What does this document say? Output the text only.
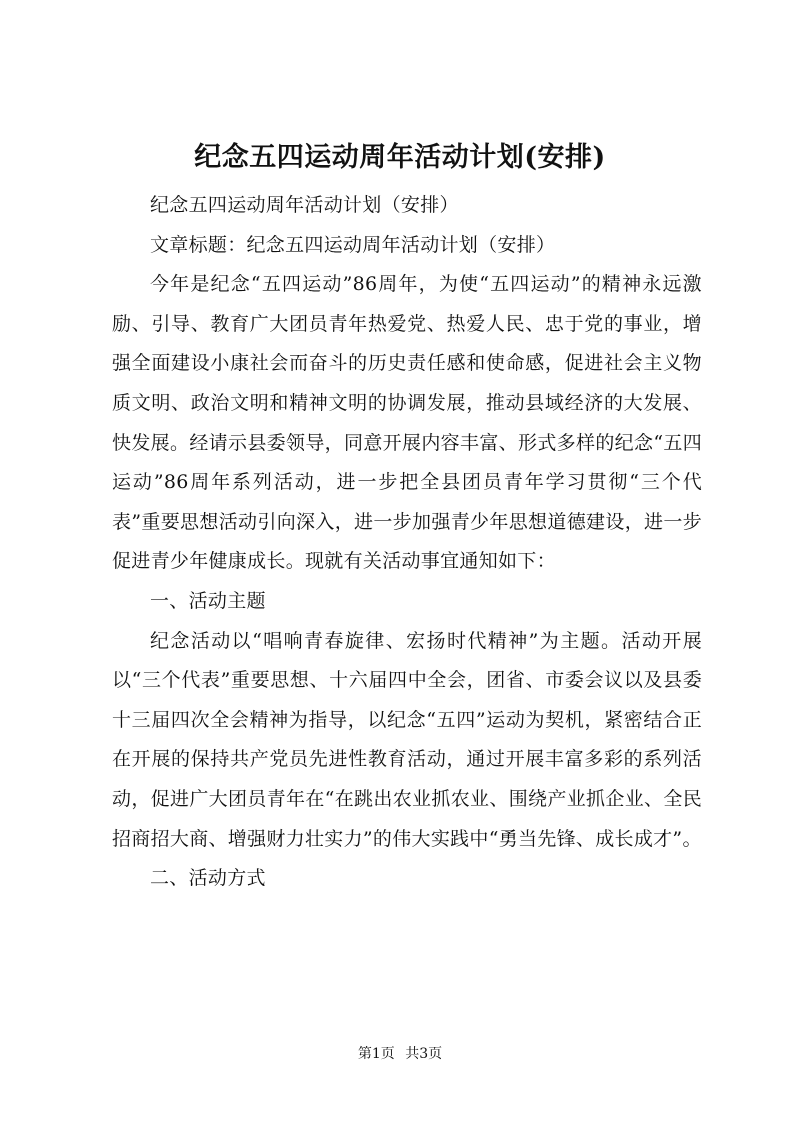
纪念五四运动周年活动计划(安排)

纪念五四运动周年活动计划（安排）

文章标题：纪念五四运动周年活动计划（安排）

今年是纪念“五四运动”86周年，为使“五四运动”的精神永远激励、引导、教育广大团员青年热爱党、热爱人民、忠于党的事业，增强全面建设小康社会而奋斗的历史责任感和使命感，促进社会主义物质文明、政治文明和精神文明的协调发展，推动县域经济的大发展、快发展。经请示县委领导，同意开展内容丰富、形式多样的纪念“五四运动”86周年系列活动，进一步把全县团员青年学习贯彻“三个代表”重要思想活动引向深入，进一步加强青少年思想道德建设，进一步促进青少年健康成长。现就有关活动事宜通知如下：

一、活动主题

纪念活动以“唱响青春旋律、宏扬时代精神”为主题。活动开展以“三个代表”重要思想、十六届四中全会，团省、市委会议以及县委十三届四次全会精神为指导，以纪念“五四”运动为契机，紧密结合正在开展的保持共产党员先进性教育活动，通过开展丰富多彩的系列活动，促进广大团员青年在“在跳出农业抓农业、围绕产业抓企业、全民招商招大商、增强财力壮实力”的伟大实践中“勇当先锋、成长成才”。

二、活动方式

第1页 共3页
